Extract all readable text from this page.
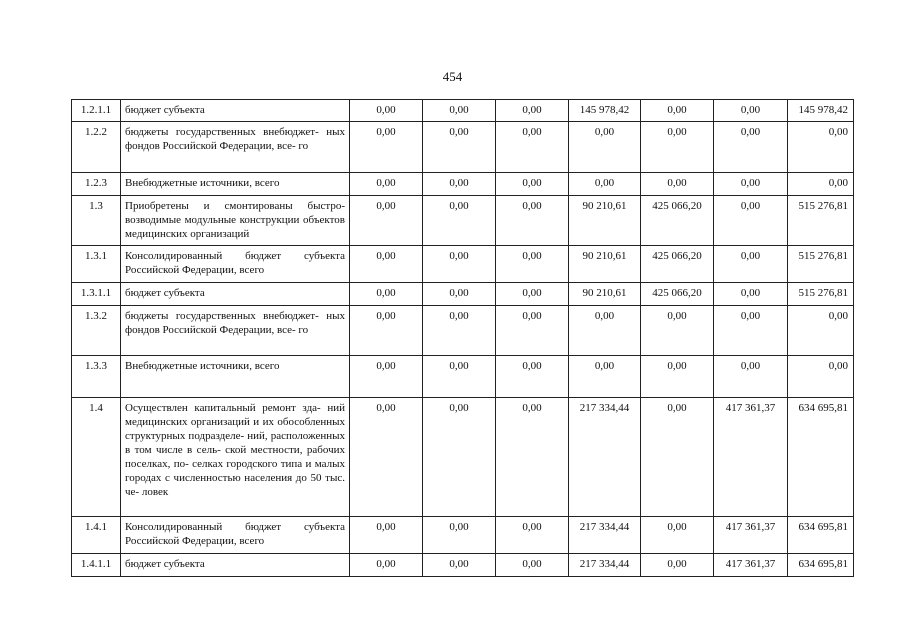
454
1.2.1.1	бюджет субъекта	0,00	0,00	0,00	145 978,42	0,00	0,00	145 978,42
1.2.2	бюджеты государственных внебюджет- ных фондов Российской Федерации, все- го	0,00	0,00	0,00	0,00	0,00	0,00	0,00
1.2.3	Внебюджетные источники, всего	0,00	0,00	0,00	0,00	0,00	0,00	0,00
1.3	Приобретены и смонтированы быстро- возводимые модульные конструкции объектов медицинских организаций	0,00	0,00	0,00	90 210,61	425 066,20	0,00	515 276,81
1.3.1	Консолидированный бюджет субъекта Российской Федерации, всего	0,00	0,00	0,00	90 210,61	425 066,20	0,00	515 276,81
1.3.1.1	бюджет субъекта	0,00	0,00	0,00	90 210,61	425 066,20	0,00	515 276,81
1.3.2	бюджеты государственных внебюджет- ных фондов Российской Федерации, все- го	0,00	0,00	0,00	0,00	0,00	0,00	0,00
1.3.3	Внебюджетные источники, всего	0,00	0,00	0,00	0,00	0,00	0,00	0,00
1.4	Осуществлен капитальный ремонт зда- ний медицинских организаций и их обособленных структурных подразделе- ний, расположенных в том числе в сель- ской местности, рабочих поселках, по- селках городского типа и малых городах с численностью населения до 50 тыс. че- ловек	0,00	0,00	0,00	217 334,44	0,00	417 361,37	634 695,81
1.4.1	Консолидированный бюджет субъекта Российской Федерации, всего	0,00	0,00	0,00	217 334,44	0,00	417 361,37	634 695,81
1.4.1.1	бюджет субъекта	0,00	0,00	0,00	217 334,44	0,00	417 361,37	634 695,81
